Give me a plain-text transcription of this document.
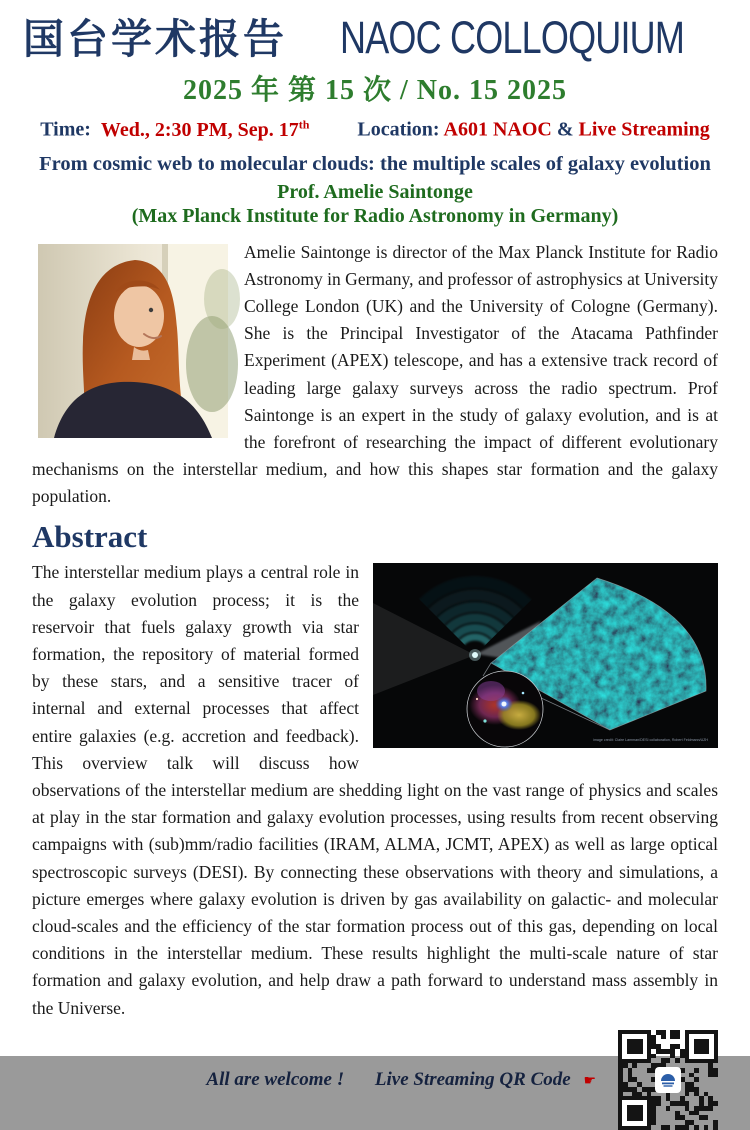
国台学术报告 NAOC COLLOQUIUM
2025 年 第 15 次 / No. 15 2025
Time: Wed., 2:30 PM, Sep. 17th Location: A601 NAOC & Live Streaming
From cosmic web to molecular clouds: the multiple scales of galaxy evolution
Prof. Amelie Saintonge
(Max Planck Institute for Radio Astronomy in Germany)
Amelie Saintonge is director of the Max Planck Institute for Radio Astronomy in Germany, and professor of astrophysics at University College London (UK) and the University of Cologne (Germany). She is the Principal Investigator of the Atacama Pathfinder Experiment (APEX) telescope, and has a extensive track record of leading large galaxy surveys across the radio spectrum. Prof Saintonge is an expert in the study of galaxy evolution, and is at the forefront of researching the impact of different evolutionary mechanisms on the interstellar medium, and how this shapes star formation and the galaxy population.
Abstract
image credit: Claire Lamman/DESI collaboration, Robert Feldmann/UZH
The interstellar medium plays a central role in the galaxy evolution process; it is the reservoir that fuels galaxy growth via star formation, the repository of material formed by these stars, and a sensitive tracer of internal and external processes that affect entire galaxies (e.g. accretion and feedback). This overview talk will discuss how observations of the interstellar medium are shedding light on the vast range of physics and scales at play in the star formation and galaxy evolution processes, using results from recent observing campaigns with (sub)mm/radio facilities (IRAM, ALMA, JCMT, APEX) as well as large optical spectroscopic surveys (DESI). By connecting these observations with theory and simulations, a picture emerges where galaxy evolution is driven by gas availability on galactic- and molecular cloud-scales and the efficiency of the star formation process out of this gas, depending on local conditions in the interstellar medium. These results highlight the multi-scale nature of star formation and galaxy evolution, and help draw a path forward to understand mass assembly in the Universe.
All are welcome ! Live Streaming QR Code ☛
